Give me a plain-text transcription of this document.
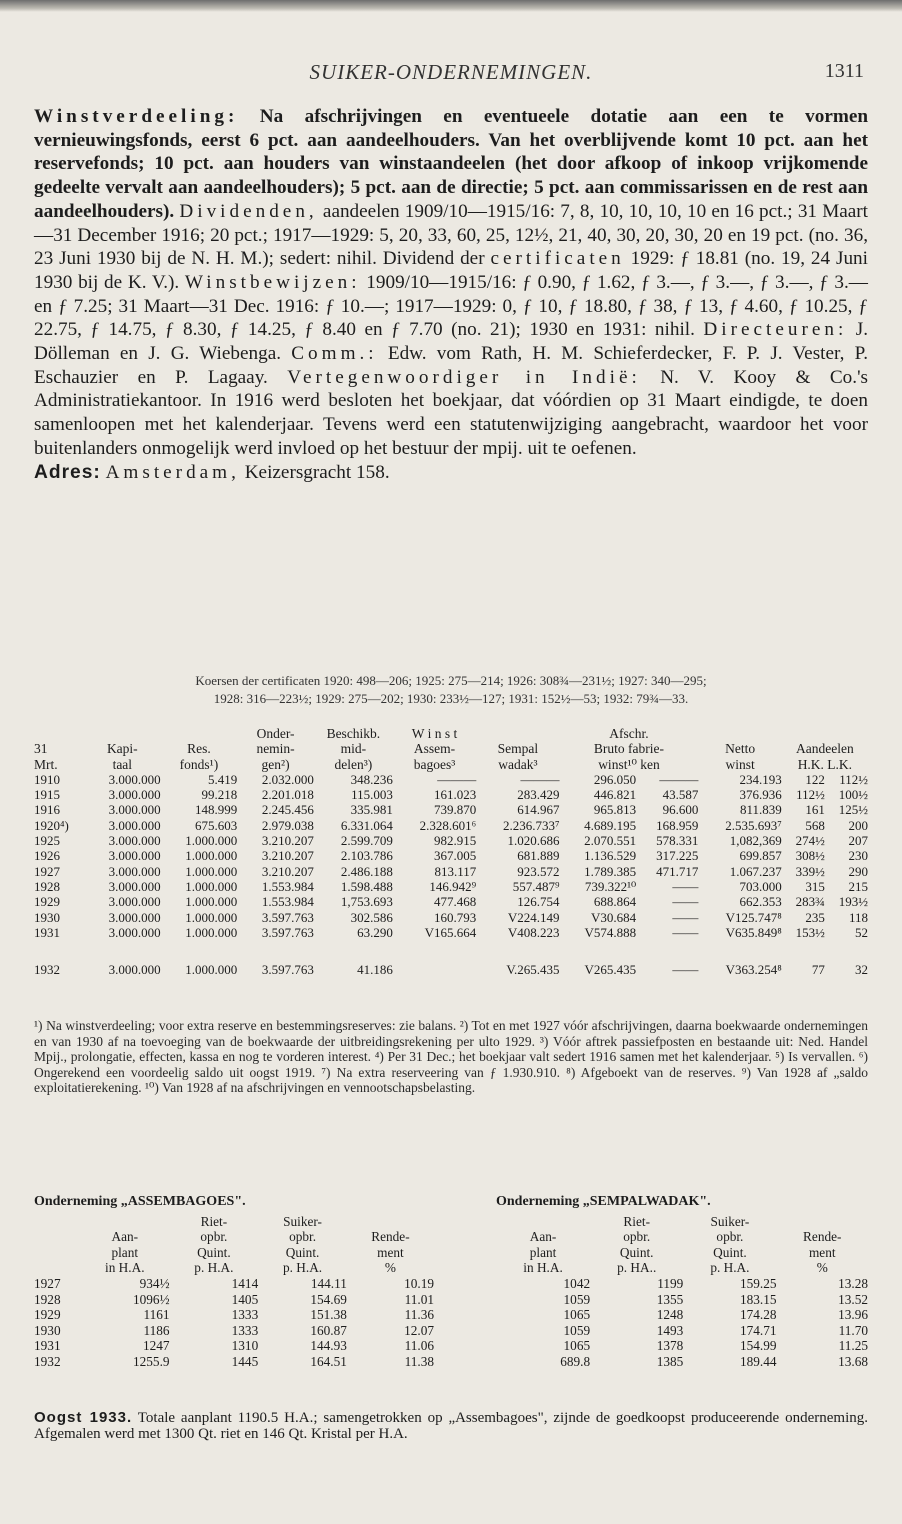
SUIKER-ONDERNEMINGEN.	1311

Winstverdeeling: Na afschrijvingen en eventueele dotatie aan een te vormen vernieuwingsfonds, eerst 6 pct. aan aandeelhouders. Van het overblijvende komt 10 pct. aan het reservefonds; 10 pct. aan houders van winstaandeelen (het door afkoop of inkoop vrijkomende gedeelte vervalt aan aandeelhouders); 5 pct. aan de directie; 5 pct. aan commissarissen en de rest aan aandeelhouders). Dividenden, aandeelen 1909/10—1915/16: 7, 8, 10, 10, 10, 10 en 16 pct.; 31 Maart—31 December 1916; 20 pct.; 1917—1929: 5, 20, 33, 60, 25, 12½, 21, 40, 30, 20, 30, 20 en 19 pct. (no. 36, 23 Juni 1930 bij de N. H. M.); sedert: nihil. Dividend der certificaten 1929: ƒ 18.81 (no. 19, 24 Juni 1930 bij de K. V.). Winstbewijzen: 1909/10—1915/16: ƒ 0.90, ƒ 1.62, ƒ 3.—, ƒ 3.—, ƒ 3.—, ƒ 3.— en ƒ 7.25; 31 Maart—31 Dec. 1916: ƒ 10.—; 1917—1929: 0, ƒ 10, ƒ 18.80, ƒ 38, ƒ 13, ƒ 4.60, ƒ 10.25, ƒ 22.75, ƒ 14.75, ƒ 8.30, ƒ 14.25, ƒ 8.40 en ƒ 7.70 (no. 21); 1930 en 1931: nihil. Directeuren: J. Dölleman en J. G. Wiebenga. Comm.: Edw. vom Rath, H. M. Schieferdecker, F. P. J. Vester, P. Eschauzier en P. Lagaay. Vertegenwoordiger in Indië: N. V. Kooy & Co.'s Administratiekantoor. In 1916 werd besloten het boekjaar, dat vóórdien op 31 Maart eindigde, te doen samenloopen met het kalenderjaar. Tevens werd een statutenwijziging aangebracht, waardoor het voor buitenlanders onmogelijk werd invloed op het bestuur der mpij. uit te oefenen.

Adres: Amsterdam, Keizersgracht 158.

Koersen der certificaten 1920: 498—206; 1925: 275—214; 1926: 308¾—231½; 1927: 340—295;
1928: 316—223½; 1929: 275—202; 1930: 233½—127; 1931: 152½—53; 1932: 79¾—33.
			Onder-	Beschikb.	W i n s t		Afschr.				
31	Kapi-	Res.	nemin-	mid-	Assem-	Sempal	Bruto fabrie-		Netto	Aandeelen	
Mrt.	taal	fonds¹)	gen²)	delen³)	bagoes³	wadak³	winst¹⁰ ken		winst	H.K. L.K.	
1910	3.000.000	5.419	2.032.000	348.236	———	———	296.050	———	234.193	122	112½
1915	3.000.000	99.218	2.201.018	115.003	161.023	283.429	446.821	43.587	376.936	112½	100½
1916	3.000.000	148.999	2.245.456	335.981	739.870	614.967	965.813	96.600	811.839	161	125½
1920⁴)	3.000.000	675.603	2.979.038	6.331.064	2.328.601⁶	2.236.733⁷	4.689.195	168.959	2.535.693⁷	568	200
1925	3.000.000	1.000.000	3.210.207	2.599.709	982.915	1.020.686	2.070.551	578.331	1,082,369	274½	207
1926	3.000.000	1.000.000	3.210.207	2.103.786	367.005	681.889	1.136.529	317.225	699.857	308½	230
1927	3.000.000	1.000.000	3.210.207	2.486.188	813.117	923.572	1.789.385	471.717	1.067.237	339½	290
1928	3.000.000	1.000.000	1.553.984	1.598.488	146.942⁹	557.487⁹	739.322¹⁰	——	703.000	315	215
1929	3.000.000	1.000.000	1.553.984	1,753.693	477.468	126.754	688.864	——	662.353	283¾	193½
1930	3.000.000	1.000.000	3.597.763	302.586	160.793	V224.149	V30.684	——	V125.747⁸	235	118
1931	3.000.000	1.000.000	3.597.763	63.290	V165.664	V408.223	V574.888	——	V635.849⁸	153½	52

1932	3.000.000	1.000.000	3.597.763	41.186		V.265.435	V265.435	——	V363.254⁸	77	32

¹) Na winstverdeeling; voor extra reserve en bestemmingsreserves: zie balans. ²) Tot en met 1927 vóór afschrijvingen, daarna boekwaarde ondernemingen en van 1930 af na toevoeging van de boekwaarde der uitbreidingsrekening per ulto 1929. ³) Vóór aftrek passiefposten en bestaande uit: Ned. Handel Mpij., prolongatie, effecten, kassa en nog te vorderen interest. ⁴) Per 31 Dec.; het boekjaar valt sedert 1916 samen met het kalenderjaar. ⁵) Is vervallen. ⁶) Ongerekend een voordeelig saldo uit oogst 1919. ⁷) Na extra reserveering van ƒ 1.930.910. ⁸) Afgeboekt van de reserves. ⁹) Van 1928 af „saldo exploitatierekening. ¹⁰) Van 1928 af na afschrijvingen en vennootschapsbelasting.

Onderneming „ASSEMBAGOES".				
		Riet-	Suiker-	
	Aan-	opbr.	opbr.	Rende-
	plant	Quint.	Quint.	ment
	in H.A.	p. H.A.	p. H.A.	%
1927	934½	1414	144.11	10.19
1928	1096½	1405	154.69	11.01
1929	1161	1333	151.38	11.36
1930	1186	1333	160.87	12.07
1931	1247	1310	144.93	11.06
1932	1255.9	1445	164.51	11.38
Onderneming „SEMPALWADAK".			
	Riet-	Suiker-	
Aan-	opbr.	opbr.	Rende-
plant	Quint.	Quint.	ment
in H.A.	p. HA..	p. H.A.	%
1042	1199	159.25	13.28
1059	1355	183.15	13.52
1065	1248	174.28	13.96
1059	1493	174.71	11.70
1065	1378	154.99	11.25
689.8	1385	189.44	13.68

Oogst 1933. Totale aanplant 1190.5 H.A.; samengetrokken op „Assembagoes", zijnde de goedkoopst produceerende onderneming. Afgemalen werd met 1300 Qt. riet en 146 Qt. Kristal per H.A.
